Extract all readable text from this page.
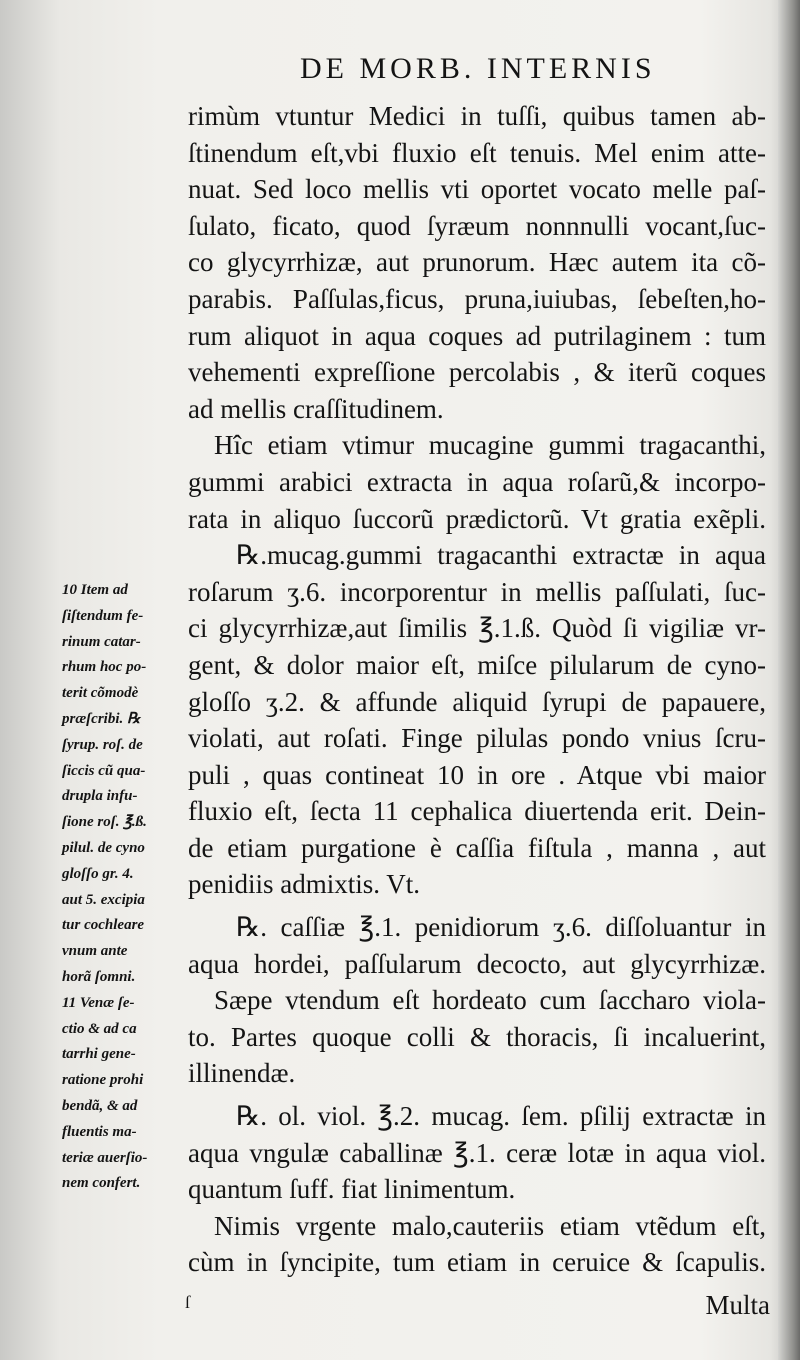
DE MORB. INTERNIS
rimùm vtuntur Medici in tuſſi, quibus tamen ab-
ſtinendum eſt,vbi fluxio eſt tenuis. Mel enim atte-
nuat. Sed loco mellis vti oportet vocato melle paſ-
ſulato, ficato, quod ſyræum nonnnulli vocant,ſuc-
co glycyrrhizæ, aut prunorum. Hæc autem ita cõ-
parabis. Paſſulas,ficus, pruna,iuiubas, ſebeſten,ho-
rum aliquot in aqua coques ad putrilaginem : tum
vehementi expreſſione percolabis , & iterũ coques
ad mellis craſſitudinem.
Hîc etiam vtimur mucagine gummi tragacanthi,
gummi arabici extracta in aqua roſarũ,& incorpo-
rata in aliquo ſuccorũ prædictorũ. Vt gratia exẽpli.
℞.mucag.gummi tragacanthi extractæ in aqua
roſarum ʒ.6. incorporentur in mellis paſſulati, ſuc-
ci glycyrrhizæ,aut ſimilis ℥.1.ß. Quòd ſi vigiliæ vr-
gent, & dolor maior eſt, miſce pilularum de cyno-
gloſſo ʒ.2. & affunde aliquid ſyrupi de papauere,
violati, aut roſati. Finge pilulas pondo vnius ſcru-
puli , quas contineat 10 in ore . Atque vbi maior
fluxio eſt, ſecta 11 cephalica diuertenda erit. Dein-
de etiam purgatione è caſſia fiſtula , manna , aut
penidiis admixtis. Vt.
℞. caſſiæ ℥.1. penidiorum ʒ.6. diſſoluantur in
aqua hordei, paſſularum decocto, aut glycyrrhizæ.
Sæpe vtendum eſt hordeato cum ſaccharo viola-
to. Partes quoque colli & thoracis, ſi incaluerint,
illinendæ.
℞. ol. viol. ℥.2. mucag. ſem. pſilij extractæ in
aqua vngulæ caballinæ ℥.1. ceræ lotæ in aqua viol.
quantum ſuff. fiat linimentum.
Nimis vrgente malo,cauteriis etiam vtẽdum eſt,
cùm in ſyncipite, tum etiam in ceruice & ſcapulis.
10 Item ad
ſiſtendum fe-
rinum catar-
rhum hoc po-
terit cõmodè
præſcribi. ℞
ſyrup. roſ. de
ſiccis cũ qua-
drupla infu-
ſione roſ. ℥.ß.
pilul. de cyno
gloſſo gr. 4.
aut 5. excipia
tur cochleare
vnum ante
horã ſomni.
11 Venæ ſe-
ctio & ad ca
tarrhi gene-
ratione prohi
bendã, & ad
fluentis ma-
teriæ auerſio-
nem confert.
ſ	Multa
